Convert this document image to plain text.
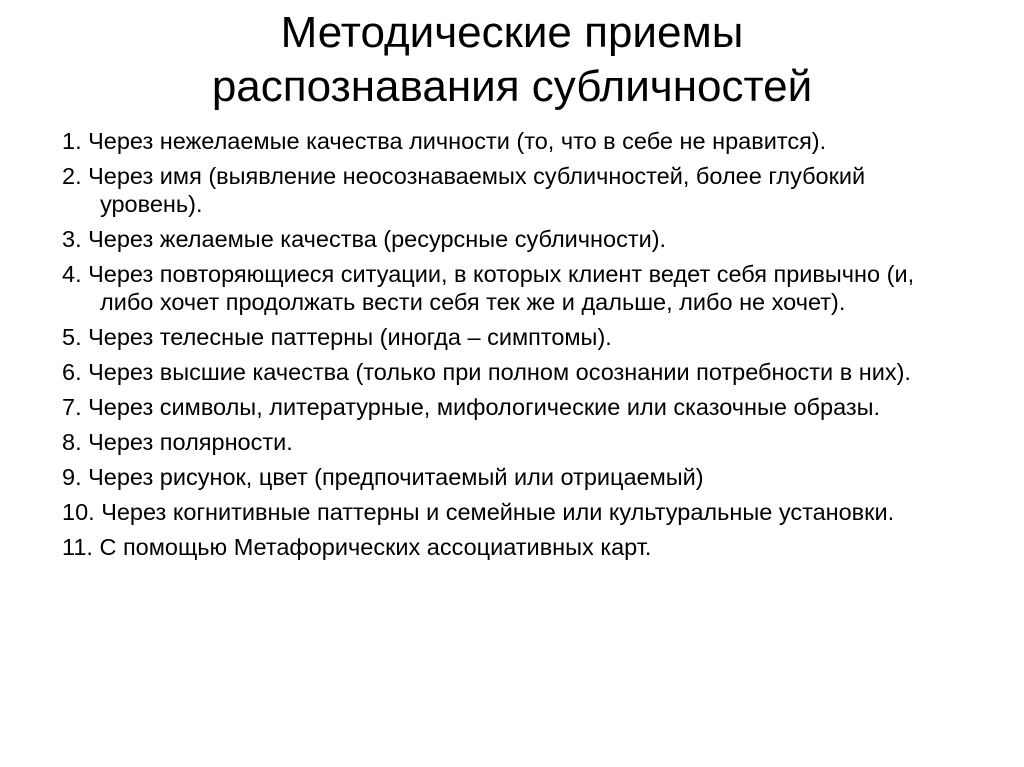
Методические приемы
распознавания субличностей
1. Через нежелаемые качества личности (то, что в себе не нравится).
2. Через имя (выявление неосознаваемых субличностей, более глубокий уровень).
3. Через желаемые качества (ресурсные субличности).
4. Через повторяющиеся ситуации, в которых клиент ведет себя привычно (и, либо хочет продолжать вести себя тек же и дальше, либо не хочет).
5. Через телесные паттерны (иногда – симптомы).
6. Через высшие качества (только при полном осознании потребности в них).
7. Через символы, литературные, мифологические или сказочные образы.
8. Через полярности.
9. Через рисунок, цвет (предпочитаемый или отрицаемый)
10. Через когнитивные паттерны и семейные или культуральные установки.
11. С помощью Метафорических ассоциативных карт.
